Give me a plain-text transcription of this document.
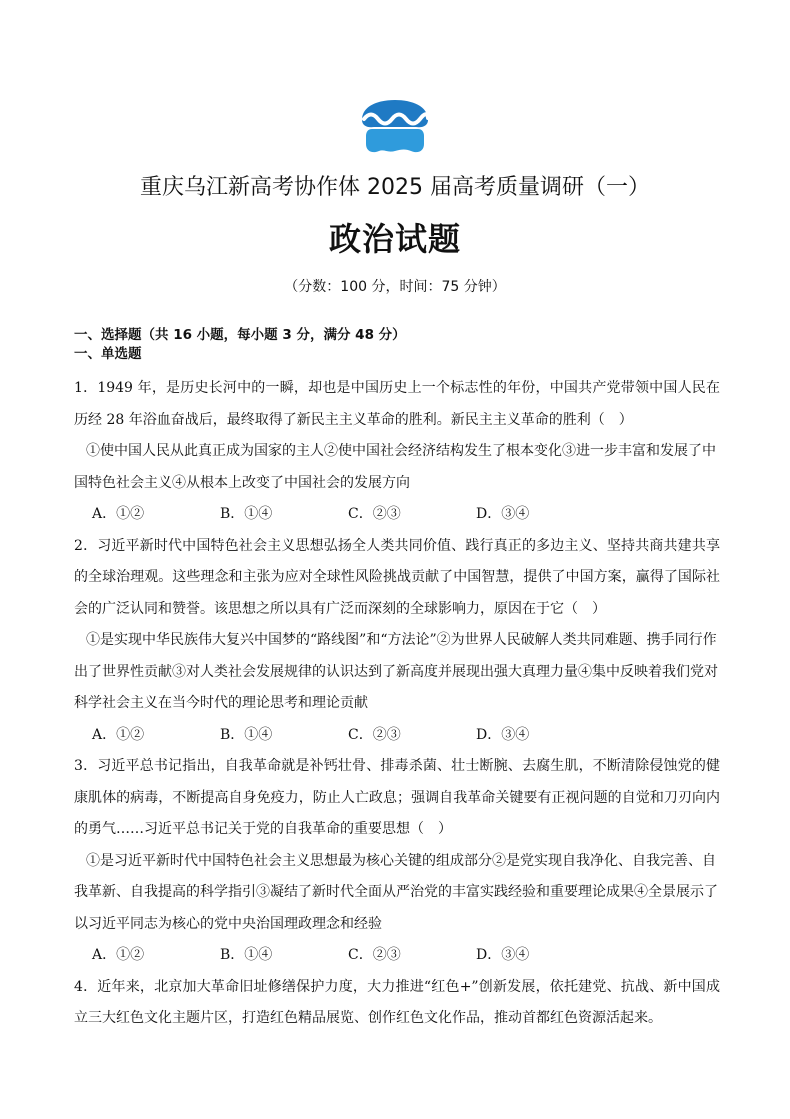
重庆乌江新高考协作体 2025 届高考质量调研（一）
政治试题
（分数：100 分，时间：75 分钟）
一、选择题（共 16 小题，每小题 3 分，满分 48 分）
一、单选题

1．1949 年，是历史长河中的一瞬，却也是中国历史上一个标志性的年份，中国共产党带领中国人民在历经 28 年浴血奋战后，最终取得了新民主主义革命的胜利。新民主主义革命的胜利（　）

①使中国人民从此真正成为国家的主人②使中国社会经济结构发生了根本变化③进一步丰富和发展了中国特色社会主义④从根本上改变了中国社会的发展方向

A．①②	B．①④	C．②③	D．③④

2．习近平新时代中国特色社会主义思想弘扬全人类共同价值、践行真正的多边主义、坚持共商共建共享的全球治理观。这些理念和主张为应对全球性风险挑战贡献了中国智慧，提供了中国方案，赢得了国际社会的广泛认同和赞誉。该思想之所以具有广泛而深刻的全球影响力，原因在于它（　）

①是实现中华民族伟大复兴中国梦的“路线图”和“方法论”②为世界人民破解人类共同难题、携手同行作出了世界性贡献③对人类社会发展规律的认识达到了新高度并展现出强大真理力量④集中反映着我们党对科学社会主义在当今时代的理论思考和理论贡献

A．①②	B．①④	C．②③	D．③④

3．习近平总书记指出，自我革命就是补钙壮骨、排毒杀菌、壮士断腕、去腐生肌，不断清除侵蚀党的健康肌体的病毒，不断提高自身免疫力，防止人亡政息；强调自我革命关键要有正视问题的自觉和刀刃向内的勇气……习近平总书记关于党的自我革命的重要思想（　）

①是习近平新时代中国特色社会主义思想最为核心关键的组成部分②是党实现自我净化、自我完善、自我革新、自我提高的科学指引③凝结了新时代全面从严治党的丰富实践经验和重要理论成果④全景展示了以习近平同志为核心的党中央治国理政理念和经验

A．①②	B．①④	C．②③	D．③④

4．近年来，北京加大革命旧址修缮保护力度，大力推进“红色+”创新发展，依托建党、抗战、新中国成立三大红色文化主题片区，打造红色精品展览、创作红色文化作品，推动首都红色资源活起来。
